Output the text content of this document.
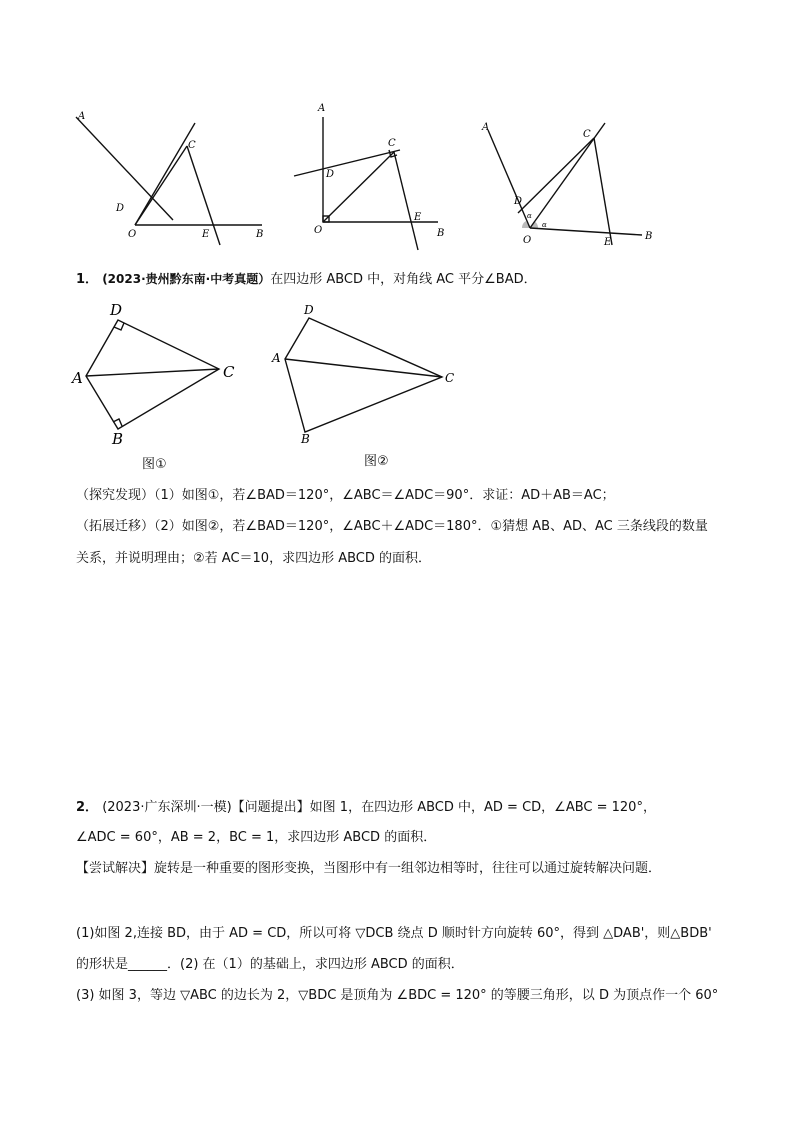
A
C
D
O	E	B
A
C
D
O
E
B
A
C
D
O	E
B
α
α
1． (2023·贵州黔东南·中考真题）在四边形 ABCD 中，对角线 AC 平分∠BAD．
D
A	C
B
图①
D
A
C
B
图②
（探究发现）（1）如图①，若∠BAD＝120°，∠ABC＝∠ADC＝90°．求证：AD＋AB＝AC；
（拓展迁移）（2）如图②，若∠BAD＝120°，∠ABC＋∠ADC＝180°．①猜想 AB、AD、AC 三条线段的数量
关系，并说明理由；②若 AC＝10，求四边形 ABCD 的面积．
2． (2023·广东深圳·一模)【问题提出】如图 1，在四边形 ABCD 中，AD = CD，∠ABC = 120°，
∠ADC = 60°，AB = 2，BC = 1，求四边形 ABCD 的面积．
【尝试解决】旋转是一种重要的图形变换，当图形中有一组邻边相等时，往往可以通过旋转解决问题．
(1)如图 2,连接 BD，由于 AD = CD，所以可将 ▽DCB 绕点 D 顺时针方向旋转 60°，得到 △DAB'，则△BDB'
的形状是______．(2) 在（1）的基础上，求四边形 ABCD 的面积．
(3) 如图 3，等边 ▽ABC 的边长为 2，▽BDC 是顶角为 ∠BDC = 120° 的等腰三角形，以 D 为顶点作一个 60°
